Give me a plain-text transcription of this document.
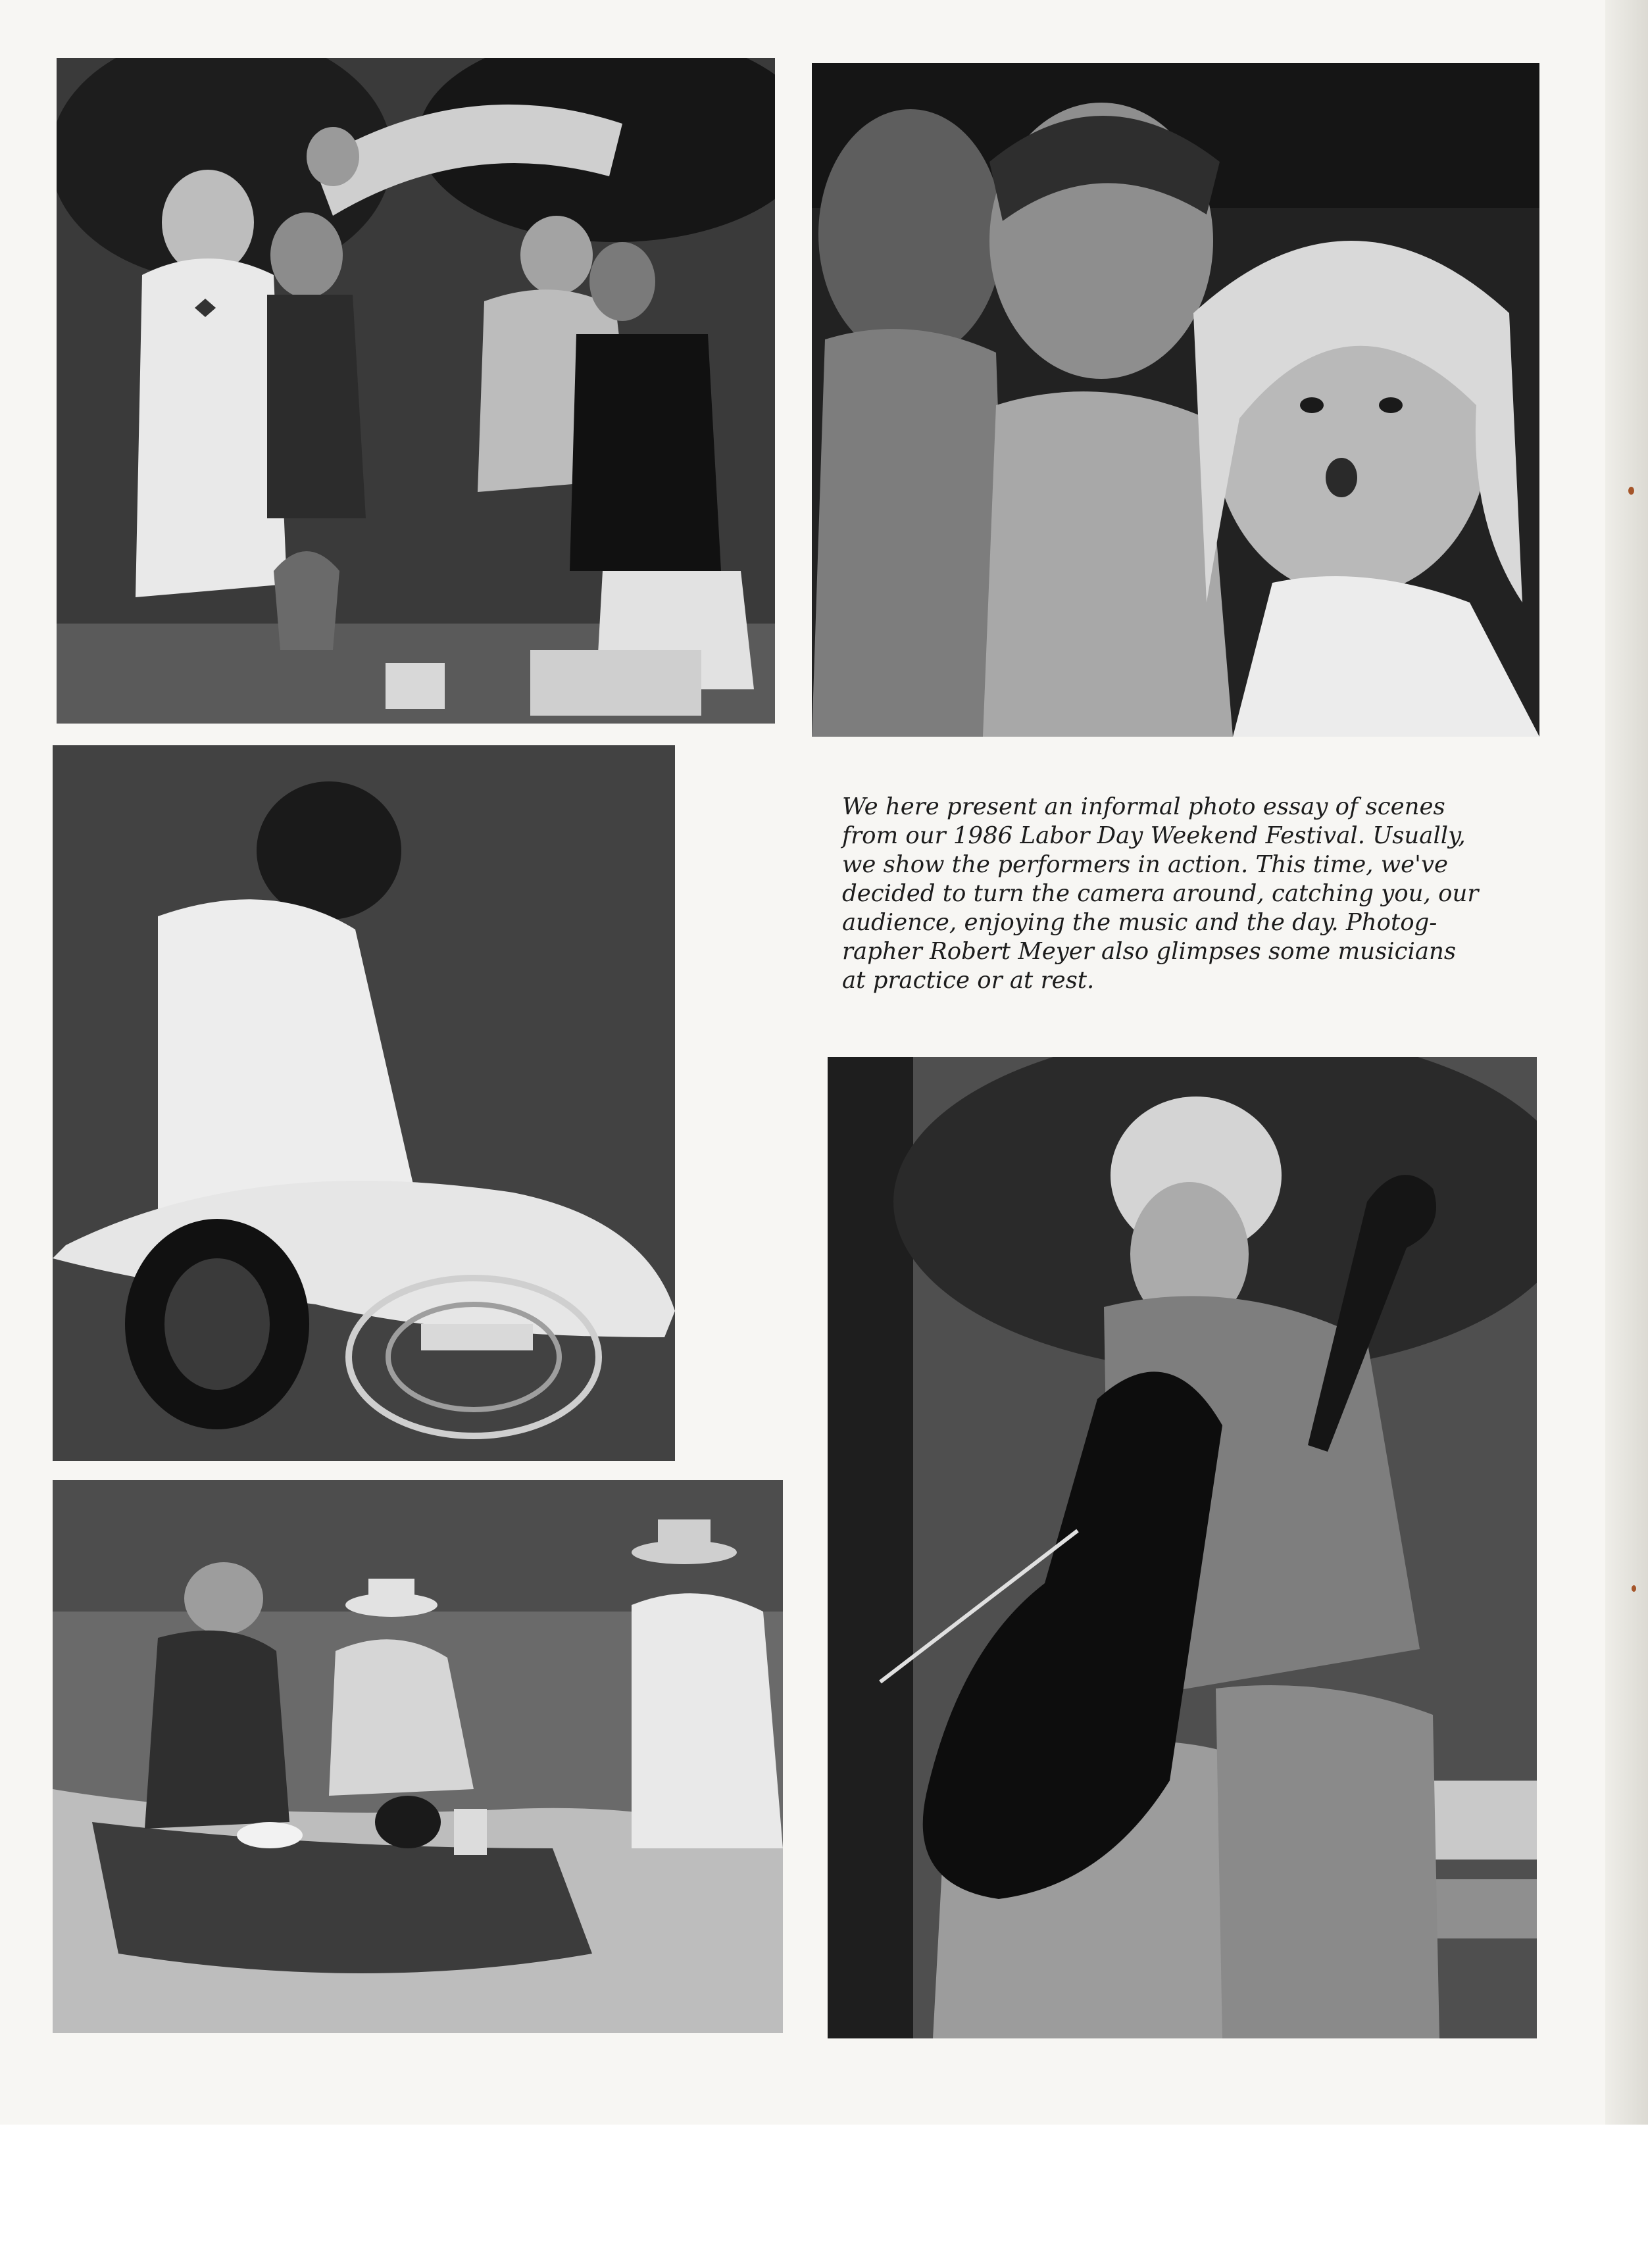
We here present an informal photo essay of scenes
from our 1986 Labor Day Weekend Festival. Usually,
we show the performers in action. This time, we've
decided to turn the camera around, catching you, our
audience, enjoying the music and the day. Photog-
rapher Robert Meyer also glimpses some musicians
at practice or at rest.
